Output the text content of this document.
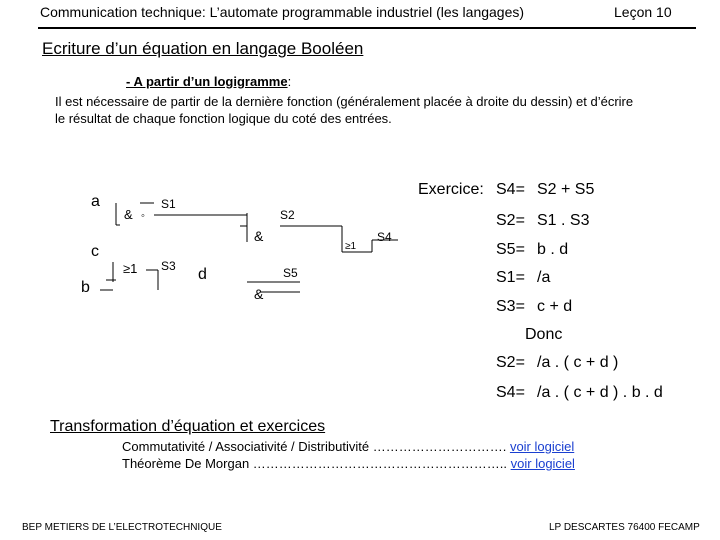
Communication technique: L’automate programmable industriel (les langages)	Leçon 10
Ecriture d’un équation en langage Booléen
- A partir d’un logigramme:
Il est nécessaire de partir de la dernière fonction (généralement placée à droite du dessin) et d’écrire
le résultat de chaque fonction logique du coté des entrées.
& ◦
≥1
&
&
≥1
a
c
b
d
S1
S3
S2
S5
S4
Exercice: S4= S2 + S5
S2= S1 . S3
S5= b . d
S1= /a
S3= c + d
Donc
S2= /a . ( c + d )
S4= /a . ( c + d ) . b . d
Transformation d’équation et exercices
Commutativité / Associativité / Distributivité …………………………. voir logiciel
Théorème De Morgan ………………………………………………….. voir logiciel
BEP METIERS DE L’ELECTROTECHNIQUE	LP DESCARTES 76400 FECAMP
